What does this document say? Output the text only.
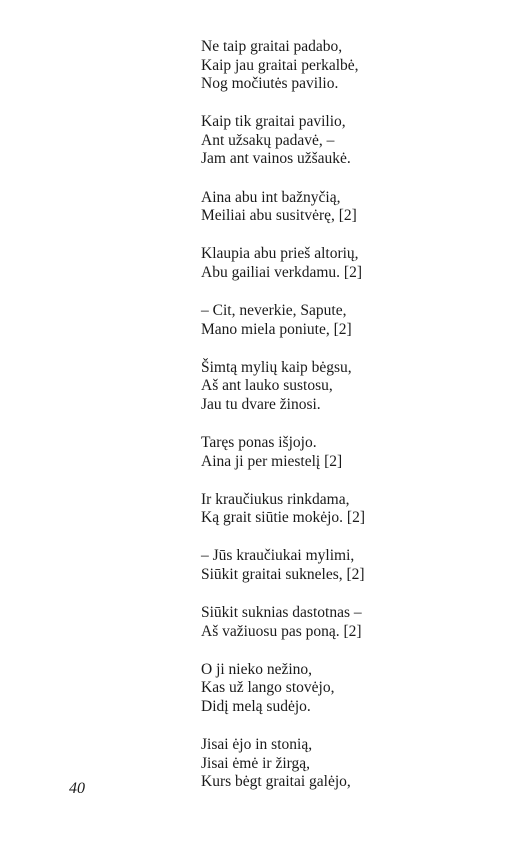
Ne taip graitai padabo,
Kaip jau graitai perkalbė,
Nog močiutės pavilio.
Kaip tik graitai pavilio,
Ant užsakų padavė, –
Jam ant vainos užšaukė.
Aina abu int bažnyčią,
Meiliai abu susitvėrę, [2]
Klaupia abu prieš altorių,
Abu gailiai verkdamu. [2]
– Cit, neverkie, Sapute,
Mano miela poniute, [2]
Šimtą mylių kaip bėgsu,
Aš ant lauko sustosu,
Jau tu dvare žinosi.
Taręs ponas išjojo.
Aina ji per miestelį [2]
Ir kraučiukus rinkdama,
Ką grait siūtie mokėjo. [2]
– Jūs kraučiukai mylimi,
Siūkit graitai sukneles, [2]
Siūkit suknias dastotnas –
Aš važiuosu pas poną. [2]
O ji nieko nežino,
Kas už lango stovėjo,
Didį melą sudėjo.
Jisai ėjo in stonią,
Jisai ėmė ir žirgą,
Kurs bėgt graitai galėjo,
40
